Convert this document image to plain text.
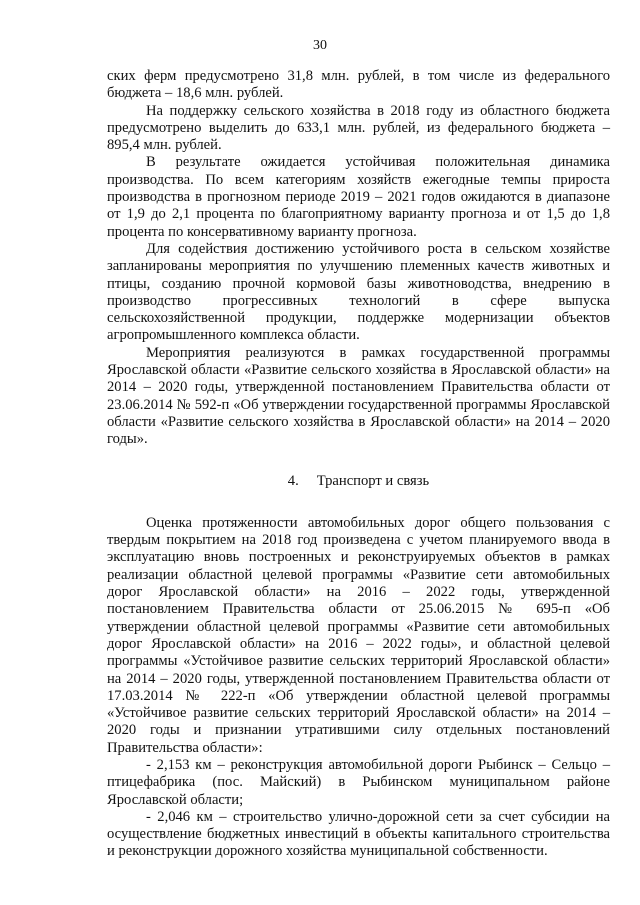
30

ских ферм предусмотрено 31,8 млн. рублей, в том числе из федерального бюджета – 18,6 млн. рублей.

На поддержку сельского хозяйства в 2018 году из областного бюджета предусмотрено выделить до 633,1 млн. рублей, из федерального бюджета – 895,4 млн. рублей.

В результате ожидается устойчивая положительная динамика производства. По всем категориям хозяйств ежегодные темпы прироста производства в прогнозном периоде 2019 – 2021 годов ожидаются в диапазоне от 1,9 до 2,1 процента по благоприятному варианту прогноза и от 1,5 до 1,8 процента по консервативному варианту прогноза.

Для содействия достижению устойчивого роста в сельском хозяйстве запланированы мероприятия по улучшению племенных качеств животных и птицы, созданию прочной кормовой базы животноводства, внедрению в производство прогрессивных технологий в сфере выпуска сельскохозяйственной продукции, поддержке модернизации объектов агропромышленного комплекса области.

Мероприятия реализуются в рамках государственной программы Ярославской области «Развитие сельского хозяйства в Ярославской области» на 2014 – 2020 годы, утвержденной постановлением Правительства области от 23.06.2014 № 592-п «Об утверждении государственной программы Ярославской области «Развитие сельского хозяйства в Ярославской области» на 2014 – 2020 годы».

4. Транспорт и связь

Оценка протяженности автомобильных дорог общего пользования с твердым покрытием на 2018 год произведена с учетом планируемого ввода в эксплуатацию вновь построенных и реконструируемых объектов в рамках реализации областной целевой программы «Развитие сети автомобильных дорог Ярославской области» на 2016 – 2022 годы, утвержденной постановлением Правительства области от 25.06.2015 № 695-п «Об утверждении областной целевой программы «Развитие сети автомобильных дорог Ярославской области» на 2016 – 2022 годы», и областной целевой программы «Устойчивое развитие сельских территорий Ярославской области» на 2014 – 2020 годы, утвержденной постановлением Правительства области от 17.03.2014 № 222-п «Об утверждении областной целевой программы «Устойчивое развитие сельских территорий Ярославской области» на 2014 – 2020 годы и признании утратившими силу отдельных постановлений Правительства области»:

- 2,153 км – реконструкция автомобильной дороги Рыбинск – Сельцо – птицефабрика (пос. Майский) в Рыбинском муниципальном районе Ярославской области;

- 2,046 км – строительство улично-дорожной сети за счет субсидии на осуществление бюджетных инвестиций в объекты капитального строительства и реконструкции дорожного хозяйства муниципальной собственности.
